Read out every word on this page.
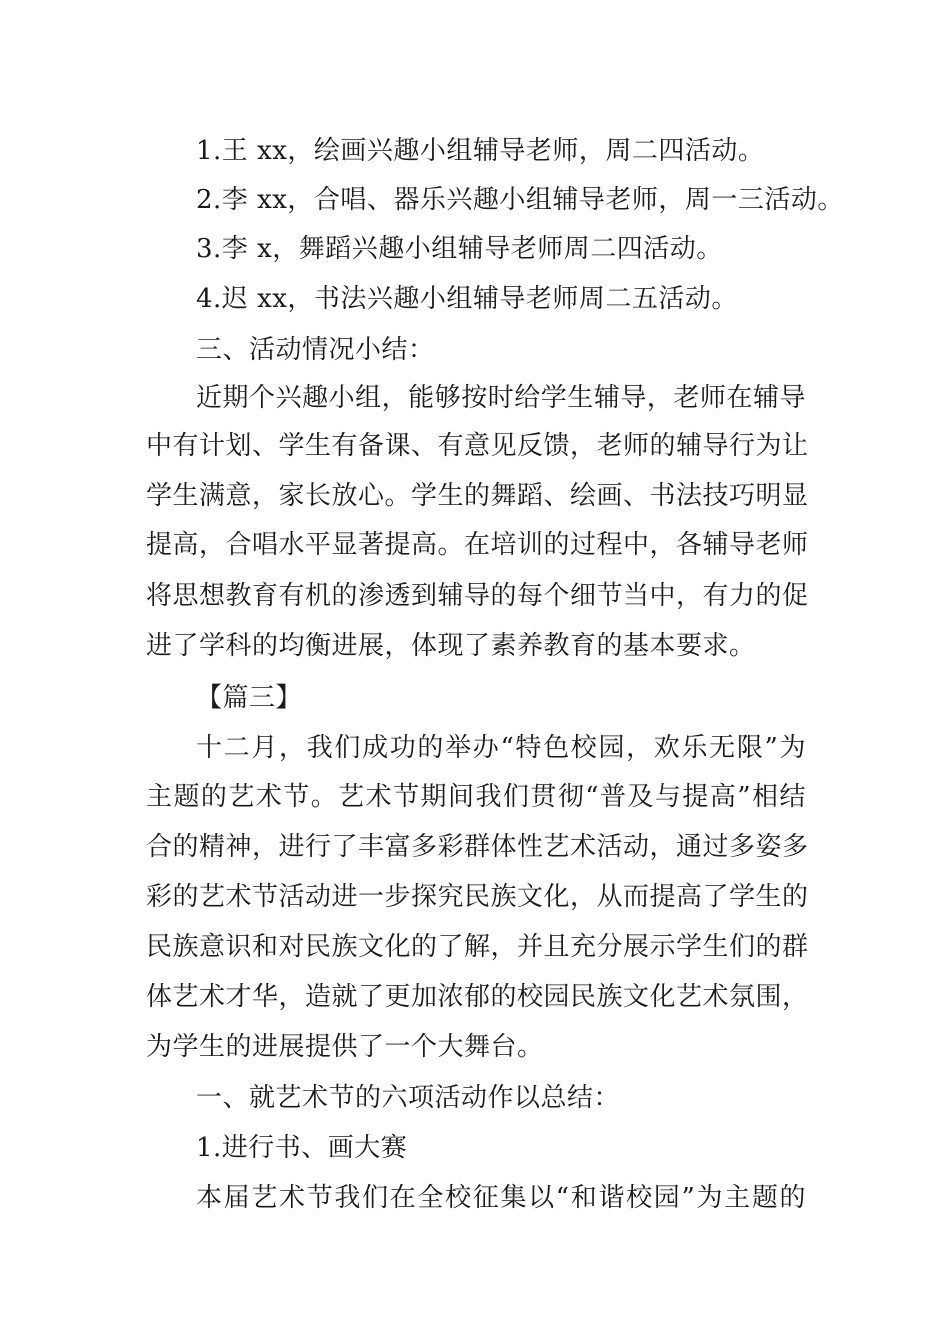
1.王 xx，绘画兴趣小组辅导老师，周二四活动。
2.李 xx，合唱、器乐兴趣小组辅导老师，周一三活动。
3.李 x，舞蹈兴趣小组辅导老师周二四活动。
4.迟 xx，书法兴趣小组辅导老师周二五活动。
三、活动情况小结：
近期个兴趣小组，能够按时给学生辅导，老师在辅导
中有计划、学生有备课、有意见反馈，老师的辅导行为让
学生满意，家长放心。学生的舞蹈、绘画、书法技巧明显
提高，合唱水平显著提高。在培训的过程中，各辅导老师
将思想教育有机的渗透到辅导的每个细节当中，有力的促
进了学科的均衡进展，体现了素养教育的基本要求。
【篇三】
十二月，我们成功的举办“特色校园，欢乐无限”为
主题的艺术节。艺术节期间我们贯彻“普及与提高”相结
合的精神，进行了丰富多彩群体性艺术活动，通过多姿多
彩的艺术节活动进一步探究民族文化，从而提高了学生的
民族意识和对民族文化的了解，并且充分展示学生们的群
体艺术才华，造就了更加浓郁的校园民族文化艺术氛围，
为学生的进展提供了一个大舞台。
一、就艺术节的六项活动作以总结：
1.进行书、画大赛
本届艺术节我们在全校征集以“和谐校园”为主题的
